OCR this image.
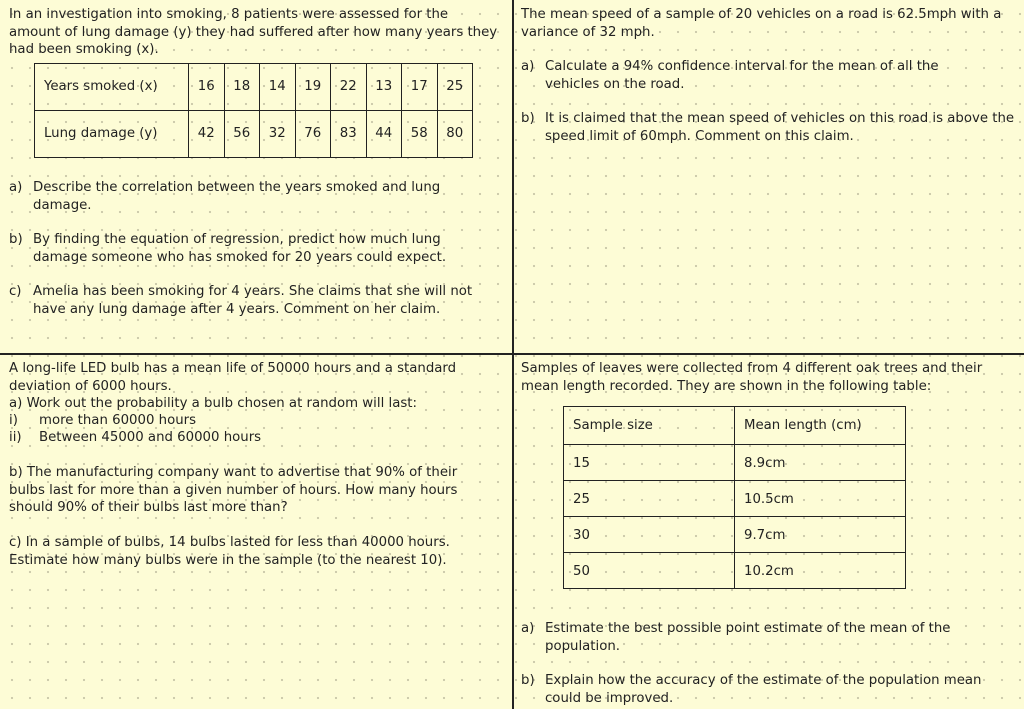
In an investigation into smoking, 8 patients were assessed for the amount of lung damage (y) they had suffered after how many years they had been smoking (x).

Years smoked (x)	16	18	14	19	22	13	17	25
Lung damage (y)	42	56	32	76	83	44	58	80
a) Describe the correlation between the years smoked and lung damage.
b) By finding the equation of regression, predict how much lung damage someone who has smoked for 20 years could expect.
c) Amelia has been smoking for 4 years. She claims that she will not have any lung damage after 4 years. Comment on her claim.

The mean speed of a sample of 20 vehicles on a road is 62.5mph with a variance of 32 mph.

a) Calculate a 94% confidence interval for the mean of all the vehicles on the road.
b) It is claimed that the mean speed of vehicles on this road is above the speed limit of 60mph. Comment on this claim.

A long-life LED bulb has a mean life of 50000 hours and a standard deviation of 6000 hours.

a) Work out the probability a bulb chosen at random will last:

i)	more than 60000 hours
ii)	Between 45000 and 60000 hours

b) The manufacturing company want to advertise that 90% of their bulbs last for more than a given number of hours. How many hours should 90% of their bulbs last more than?

c) In a sample of bulbs, 14 bulbs lasted for less than 40000 hours. Estimate how many bulbs were in the sample (to the nearest 10).

Samples of leaves were collected from 4 different oak trees and their mean length recorded. They are shown in the following table:

a) Estimate the best possible point estimate of the mean of the population.
b) Explain how the accuracy of the estimate of the population mean could be improved.
Sample size	Mean length (cm)
15	8.9cm
25	10.5cm
30	9.7cm
50	10.2cm
